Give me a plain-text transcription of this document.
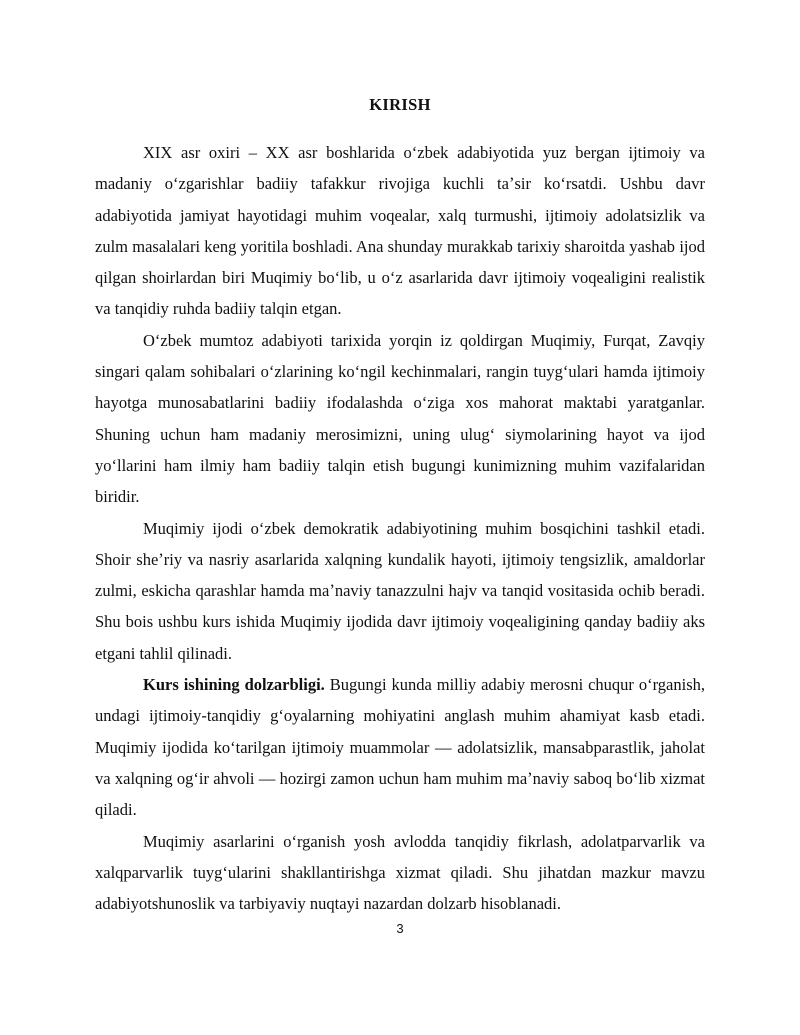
KIRISH

XIX asr oxiri – XX asr boshlarida oʻzbek adabiyotida yuz bergan ijtimoiy va madaniy oʻzgarishlar badiiy tafakkur rivojiga kuchli taʼsir koʻrsatdi. Ushbu davr adabiyotida jamiyat hayotidagi muhim voqealar, xalq turmushi, ijtimoiy adolatsizlik va zulm masalalari keng yoritila boshladi. Ana shunday murakkab tarixiy sharoitda yashab ijod qilgan shoirlardan biri Muqimiy boʻlib, u oʻz asarlarida davr ijtimoiy voqealigini realistik va tanqidiy ruhda badiiy talqin etgan.

Oʻzbek mumtoz adabiyoti tarixida yorqin iz qoldirgan Muqimiy, Furqat, Zavqiy singari qalam sohibalari oʻzlarining koʻngil kechinmalari, rangin tuygʻulari hamda ijtimoiy hayotga munosabatlarini badiiy ifodalashda oʻziga xos mahorat maktabi yaratganlar. Shuning uchun ham madaniy merosimizni, uning ulugʻ siymolarining hayot va ijod yoʻllarini ham ilmiy ham badiiy talqin etish bugungi kunimizning muhim vazifalaridan biridir.

Muqimiy ijodi oʻzbek demokratik adabiyotining muhim bosqichini tashkil etadi. Shoir sheʼriy va nasriy asarlarida xalqning kundalik hayoti, ijtimoiy tengsizlik, amaldorlar zulmi, eskicha qarashlar hamda maʼnaviy tanazzulni hajv va tanqid vositasida ochib beradi. Shu bois ushbu kurs ishida Muqimiy ijodida davr ijtimoiy voqealigining qanday badiiy aks etgani tahlil qilinadi.

Kurs ishining dolzarbligi. Bugungi kunda milliy adabiy merosni chuqur oʻrganish, undagi ijtimoiy-tanqidiy gʻoyalarning mohiyatini anglash muhim ahamiyat kasb etadi. Muqimiy ijodida koʻtarilgan ijtimoiy muammolar — adolatsizlik, mansabparastlik, jaholat va xalqning ogʻir ahvoli — hozirgi zamon uchun ham muhim maʼnaviy saboq boʻlib xizmat qiladi.

Muqimiy asarlarini oʻrganish yosh avlodda tanqidiy fikrlash, adolatparvarlik va xalqparvarlik tuygʻularini shakllantirishga xizmat qiladi. Shu jihatdan mazkur mavzu adabiyotshunoslik va tarbiyaviy nuqtayi nazardan dolzarb hisoblanadi.

3
